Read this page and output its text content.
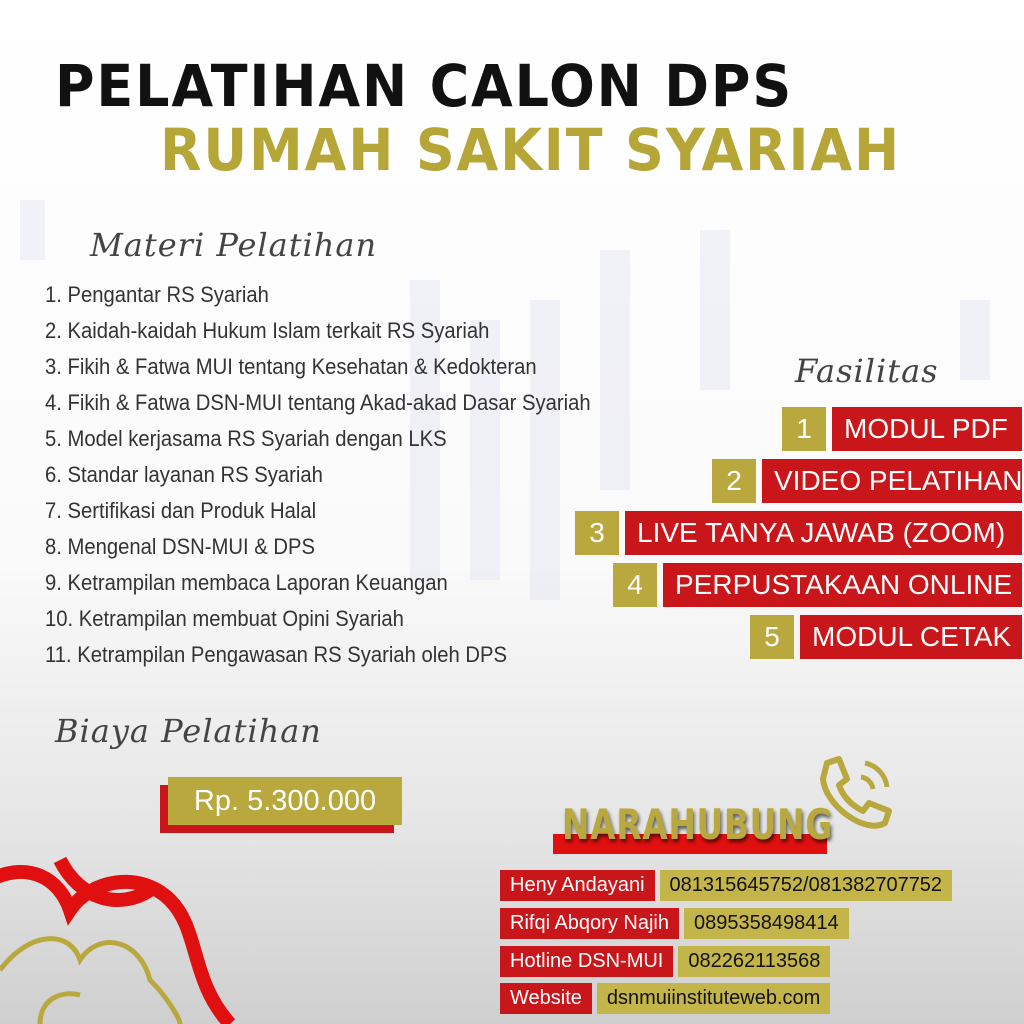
PELATIHAN CALON DPS
RUMAH SAKIT SYARIAH
Materi Pelatihan
1. Pengantar RS Syariah
2. Kaidah-kaidah Hukum Islam terkait RS Syariah
3. Fikih & Fatwa MUI tentang Kesehatan & Kedokteran
4. Fikih & Fatwa DSN-MUI tentang Akad-akad Dasar Syariah
5. Model kerjasama RS Syariah dengan LKS
6. Standar layanan RS Syariah
7. Sertifikasi dan Produk Halal
8. Mengenal DSN-MUI & DPS
9. Ketrampilan membaca Laporan Keuangan
10. Ketrampilan membuat Opini Syariah
11. Ketrampilan Pengawasan RS Syariah oleh DPS
Fasilitas
1	MODUL PDF
2	VIDEO PELATIHAN
3	LIVE TANYA JAWAB (ZOOM)
4	PERPUSTAKAAN ONLINE
5	MODUL CETAK
Biaya Pelatihan
Rp. 5.300.000	NARAHUBUNG
Heny Andayani	081315645752/081382707752
Rifqi Abqory Najih	0895358498414
Hotline DSN-MUI	082262113568
Website	dsnmuiinstituteweb.com
